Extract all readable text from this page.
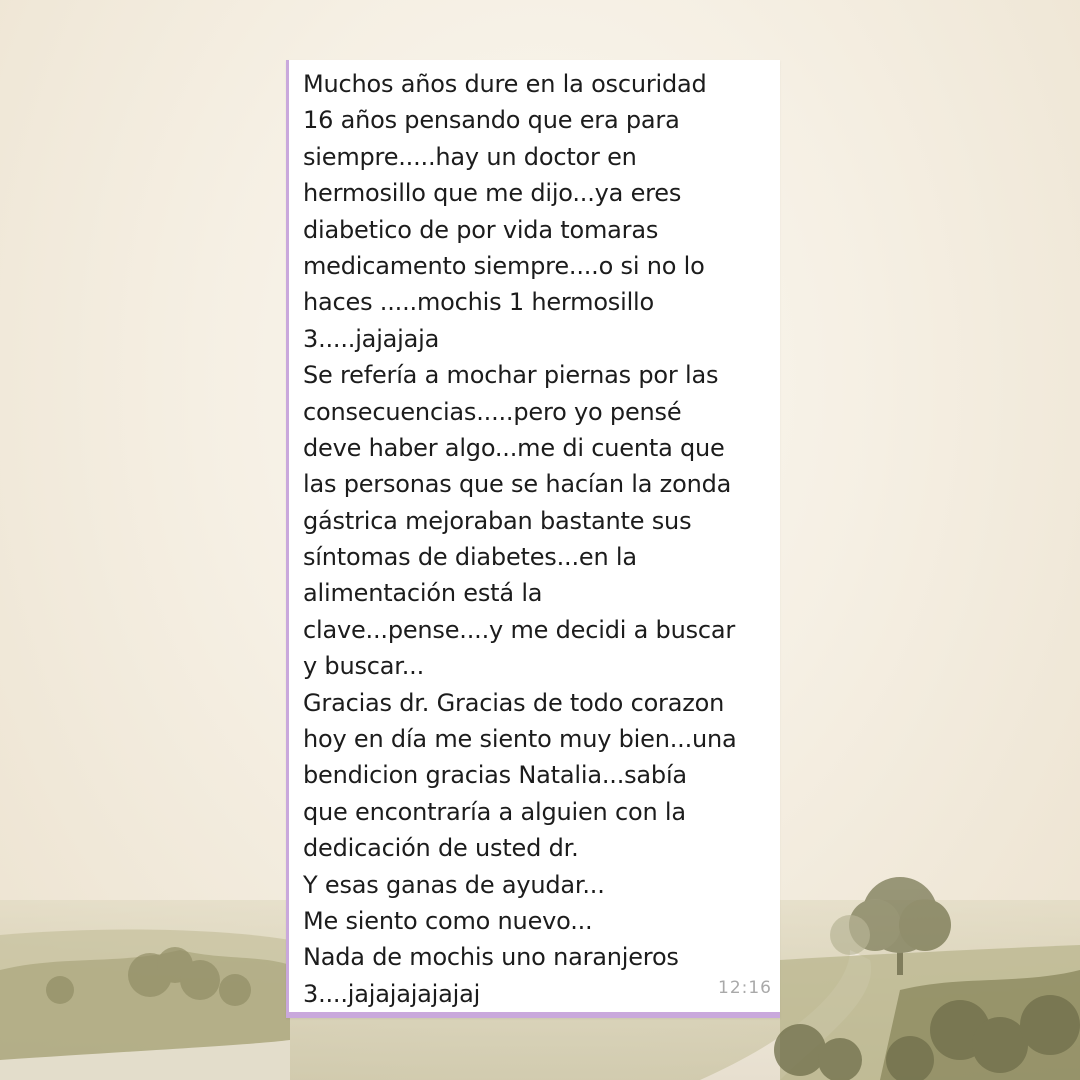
Muchos años dure en la oscuridad
16 años pensando que era para
siempre.....hay un doctor en
hermosillo que me dijo...ya eres
diabetico de por vida tomaras
medicamento siempre....o si no lo
haces .....mochis 1 hermosillo
3.....jajajaja
Se refería a mochar piernas por las
consecuencias.....pero yo pensé
deve haber algo...me di cuenta que
las personas que se hacían la zonda
gástrica mejoraban bastante sus
síntomas de diabetes...en la
alimentación está la
clave...pense....y me decidi a buscar
y buscar...
Gracias dr. Gracias de todo corazon
hoy en día me siento muy bien...una
bendicion gracias Natalia...sabía
que encontraría a alguien con la
dedicación de usted dr.
Y esas ganas de ayudar...
Me siento como nuevo...
Nada de mochis uno naranjeros
3....jajajajajajaj	12:16
